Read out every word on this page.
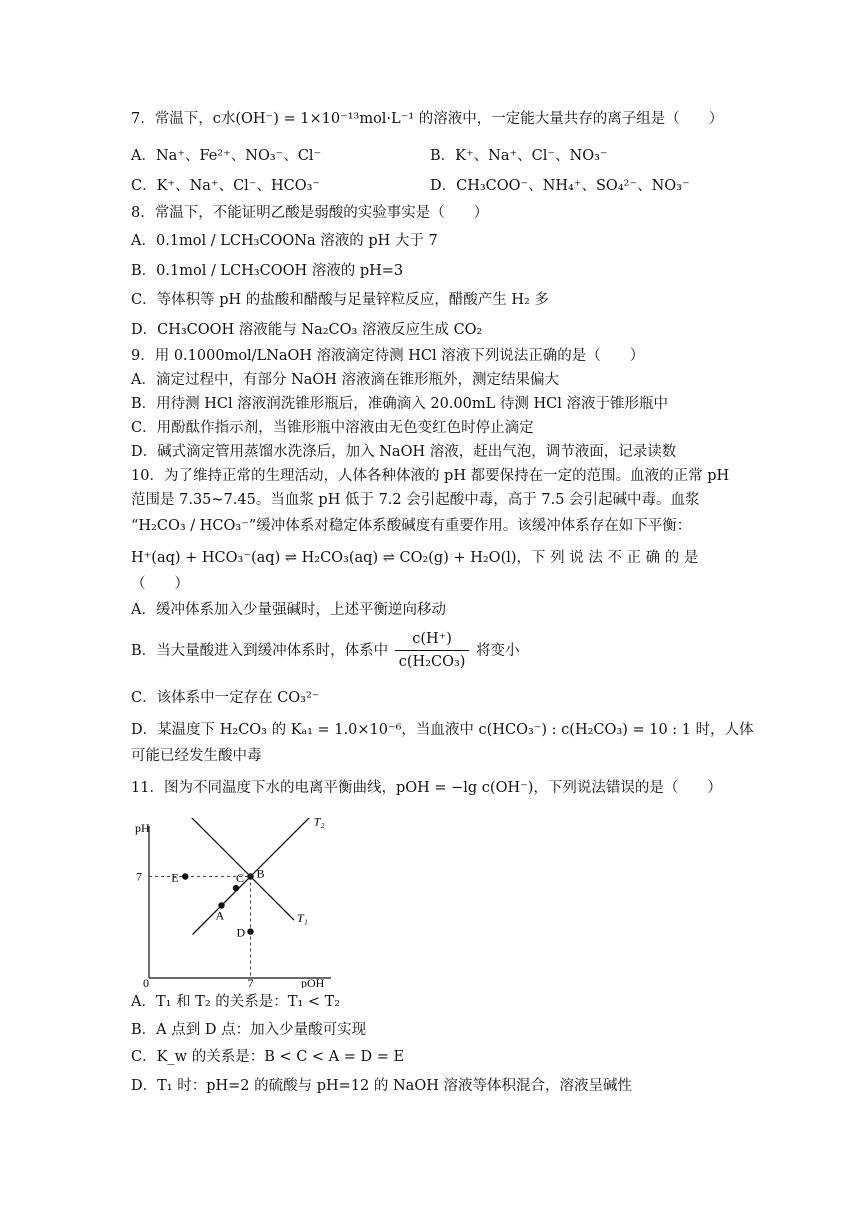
7．常温下，c水(OH⁻) = 1×10⁻¹³mol·L⁻¹ 的溶液中，一定能大量共存的离子组是（　　）
A．Na⁺、Fe²⁺、NO₃⁻、Cl⁻	B．K⁺、Na⁺、Cl⁻、NO₃⁻
C．K⁺、Na⁺、Cl⁻、HCO₃⁻	D．CH₃COO⁻、NH₄⁺、SO₄²⁻、NO₃⁻
8．常温下，不能证明乙酸是弱酸的实验事实是（　　）
A．0.1mol / LCH₃COONa 溶液的 pH 大于 7
B．0.1mol / LCH₃COOH 溶液的 pH=3
C．等体积等 pH 的盐酸和醋酸与足量锌粒反应，醋酸产生 H₂ 多
D．CH₃COOH 溶液能与 Na₂CO₃ 溶液反应生成 CO₂
9．用 0.1000mol/LNaOH 溶液滴定待测 HCl 溶液下列说法正确的是（　　）
A．滴定过程中，有部分 NaOH 溶液滴在锥形瓶外，测定结果偏大
B．用待测 HCl 溶液润洗锥形瓶后，准确滴入 20.00mL 待测 HCl 溶液于锥形瓶中
C．用酚酞作指示剂，当锥形瓶中溶液由无色变红色时停止滴定
D．碱式滴定管用蒸馏水洗涤后，加入 NaOH 溶液，赶出气泡，调节液面，记录读数
10．为了维持正常的生理活动，人体各种体液的 pH 都要保持在一定的范围。血液的正常 pH
范围是 7.35~7.45。当血浆 pH 低于 7.2 会引起酸中毒，高于 7.5 会引起碱中毒。血浆
“H₂CO₃ / HCO₃⁻”缓冲体系对稳定体系酸碱度有重要作用。该缓冲体系存在如下平衡：
H⁺(aq) + HCO₃⁻(aq) ⇌ H₂CO₃(aq) ⇌ CO₂(g) + H₂O(l)，下 列 说 法 不 正 确 的 是
（　　）
A．缓冲体系加入少量强碱时，上述平衡逆向移动
B．当大量酸进入到缓冲体系时，体系中 $\frac{c(H^+)}{\text{c(H₂CO₃)}}$ 将变小
C．该体系中一定存在 CO₃²⁻
D．某温度下 H₂CO₃ 的 Kₐ₁ = 1.0×10⁻⁶，当血液中 c(HCO₃⁻) : c(H₂CO₃) = 10 : 1 时，人体
可能已经发生酸中毒
11．图为不同温度下水的电离平衡曲线，pOH = −lg c(OH⁻)，下列说法错误的是（　　）
pH
pOH
0	7
7
T₁
T₂
E	B
C
A
D
A．T₁ 和 T₂ 的关系是：T₁ < T₂
B．A 点到 D 点：加入少量酸可实现
C．K_w 的关系是：B < C < A = D = E
D．T₁ 时：pH=2 的硫酸与 pH=12 的 NaOH 溶液等体积混合，溶液呈碱性
